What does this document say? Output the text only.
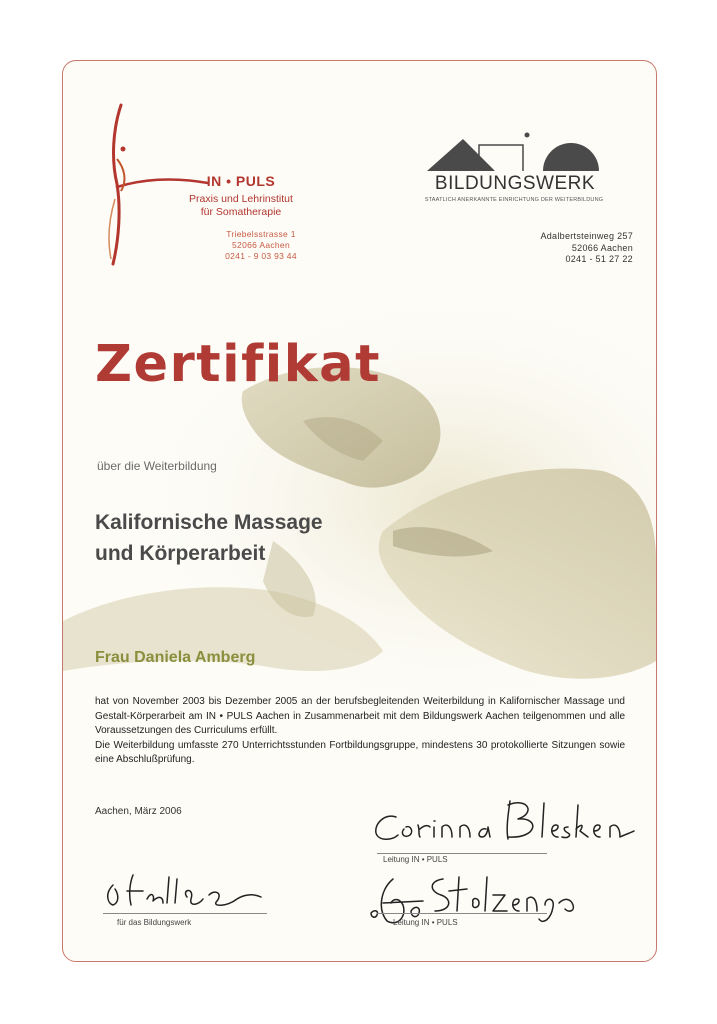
IN • PULS
Praxis und Lehrinstitut
für Somatherapie
Triebelsstrasse 1
52066 Aachen
0241 - 9 03 93 44
BILDUNGSWERK
STAATLICH ANERKANNTE EINRICHTUNG DER WEITERBILDUNG
Adalbertsteinweg 257
52066 Aachen
0241 - 51 27 22
Zertifikat
über die Weiterbildung
Kalifornische Massage
und Körperarbeit
Frau Daniela Amberg

hat von November 2003 bis Dezember 2005 an der berufsbegleitenden Weiterbildung in Kalifornischer Massage und Gestalt-Körperarbeit am IN • PULS Aachen in Zusammenarbeit mit dem Bildungswerk Aachen teilgenommen und alle Voraussetzungen des Curriculums erfüllt.

Die Weiterbildung umfasste 270 Unterrichtsstunden Fortbildungsgruppe, mindestens 30 protokollierte Sitzungen sowie eine Abschlußprüfung.

Aachen, März 2006
Leitung IN • PULS
für das Bildungswerk	Leitung IN • PULS
